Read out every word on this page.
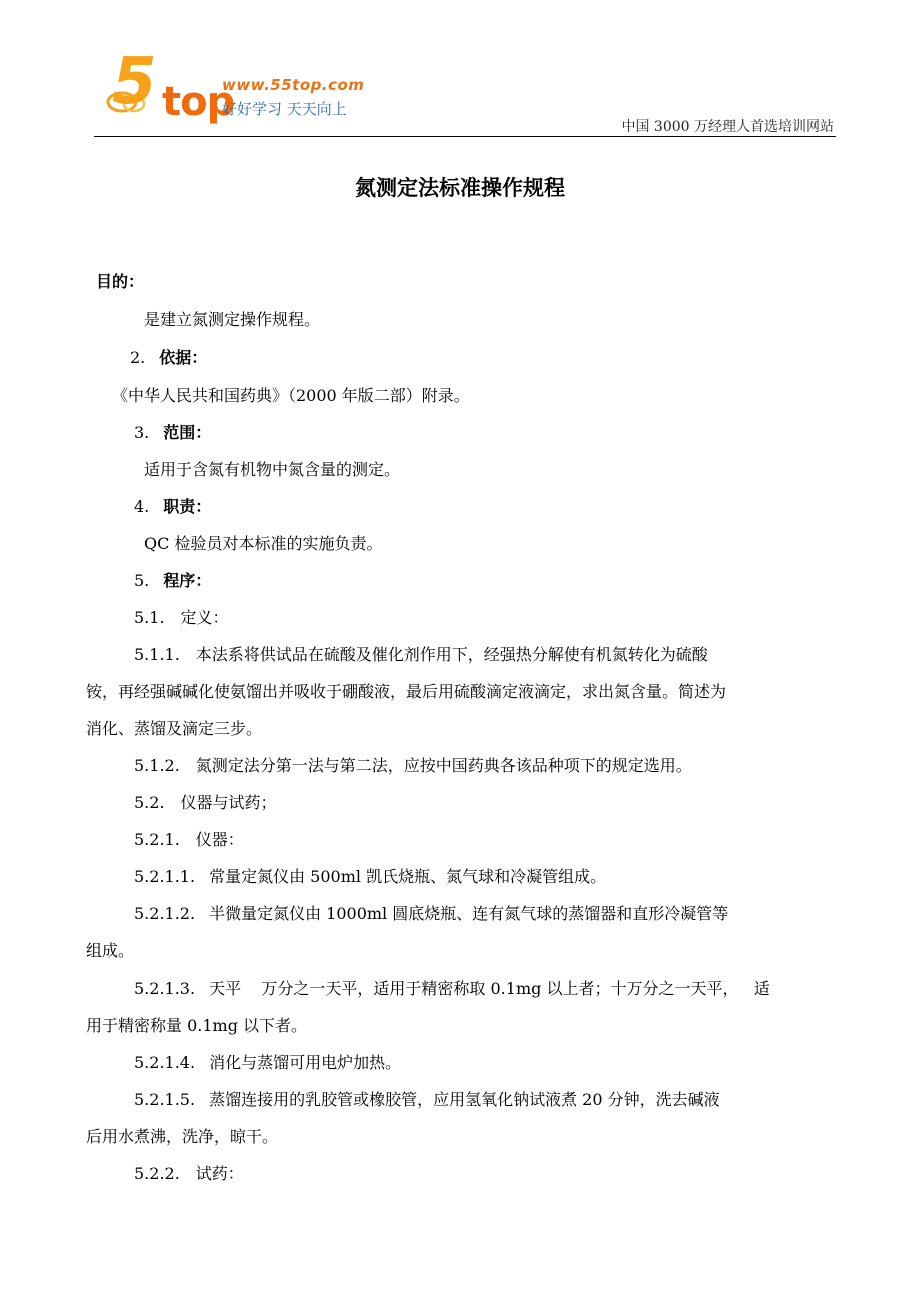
5 top
www.55top.com
好好学习 天天向上
中国 3000 万经理人首选培训网站
氮测定法标准操作规程
目的：
是建立氮测定操作规程。
2. 依据：
《中华人民共和国药典》（2000 年版二部）附录。
3. 范围：
适用于含氮有机物中氮含量的测定。
4. 职责：
QC 检验员对本标准的实施负责。
5. 程序：
5.1. 定义：
5.1.1. 本法系将供试品在硫酸及催化剂作用下，经强热分解使有机氮转化为硫酸
铵，再经强碱碱化使氨馏出并吸收于硼酸液，最后用硫酸滴定液滴定，求出氮含量。简述为
消化、蒸馏及滴定三步。
5.1.2. 氮测定法分第一法与第二法，应按中国药典各该品种项下的规定选用。
5.2. 仪器与试药；
5.2.1. 仪器：
5.2.1.1. 常量定氮仪由 500ml 凯氏烧瓶、氮气球和冷凝管组成。
5.2.1.2. 半微量定氮仪由 1000ml 圆底烧瓶、连有氮气球的蒸馏器和直形冷凝管等
组成。
5.2.1.3. 天平    万分之一天平，适用于精密称取 0.1mg 以上者；十万分之一天平，   适
用于精密称量 0.1mg 以下者。
5.2.1.4. 消化与蒸馏可用电炉加热。
5.2.1.5. 蒸馏连接用的乳胶管或橡胶管，应用氢氧化钠试液煮 20 分钟，洗去碱液
后用水煮沸，洗净，晾干。
5.2.2. 试药：
